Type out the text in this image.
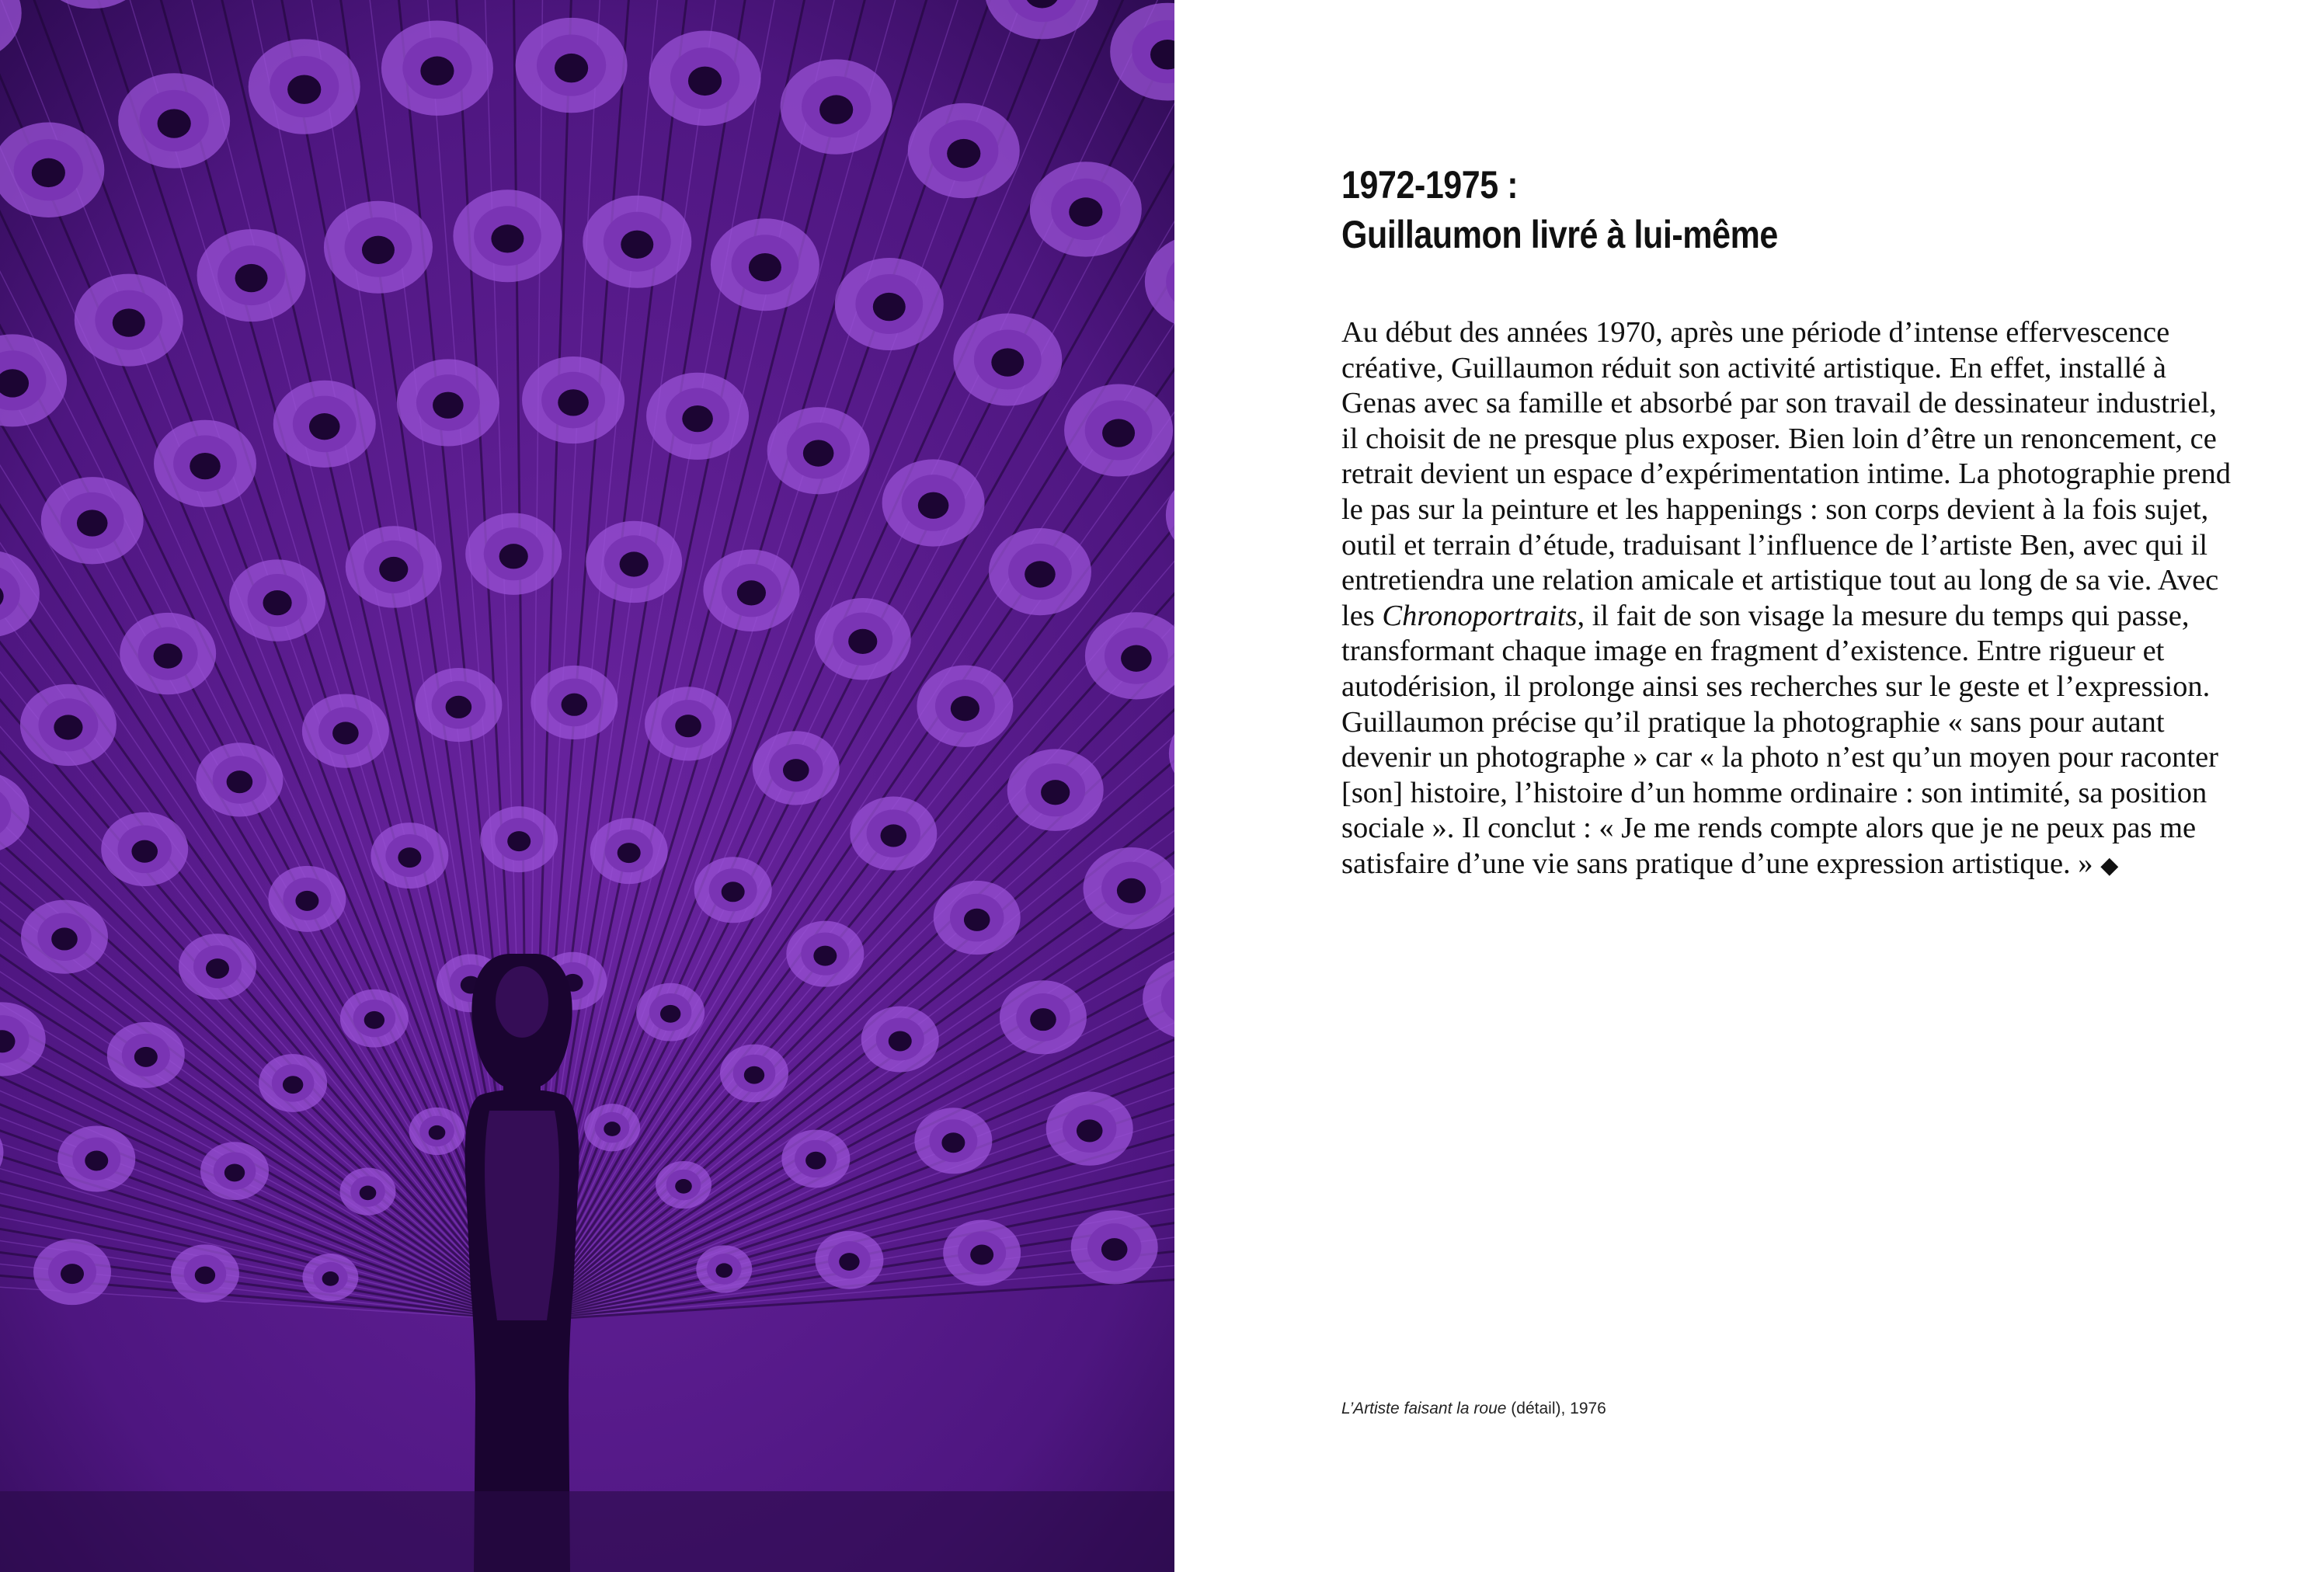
1972-1975 :
Guillaumon livré à lui-même

Au début des années 1970, après une période d’intense effervescence créative, Guillaumon réduit son activité artistique. En effet, installé à Genas avec sa famille et absorbé par son travail de dessinateur industriel, il choisit de ne presque plus exposer. Bien loin d’être un renoncement, ce retrait devient un espace d’expérimentation intime. La photographie prend le pas sur la peinture et les happenings : son corps devient à la fois sujet, outil et terrain d’étude, traduisant l’influence de l’artiste Ben, avec qui il entretiendra une relation amicale et artistique tout au long de sa vie. Avec les Chronoportraits, il fait de son visage la mesure du temps qui passe, transformant chaque image en fragment d’existence. Entre rigueur et autodérision, il prolonge ainsi ses recherches sur le geste et l’expression. Guillaumon précise qu’il pratique la photographie « sans pour autant devenir un photographe » car « la photo n’est qu’un moyen pour raconter [son] histoire, l’histoire d’un homme ordinaire : son intimité, sa position sociale ». Il conclut : « Je me rends compte alors que je ne peux pas me satisfaire d’une vie sans pratique d’une expression artistique. » ◆

L’Artiste faisant la roue (détail), 1976
